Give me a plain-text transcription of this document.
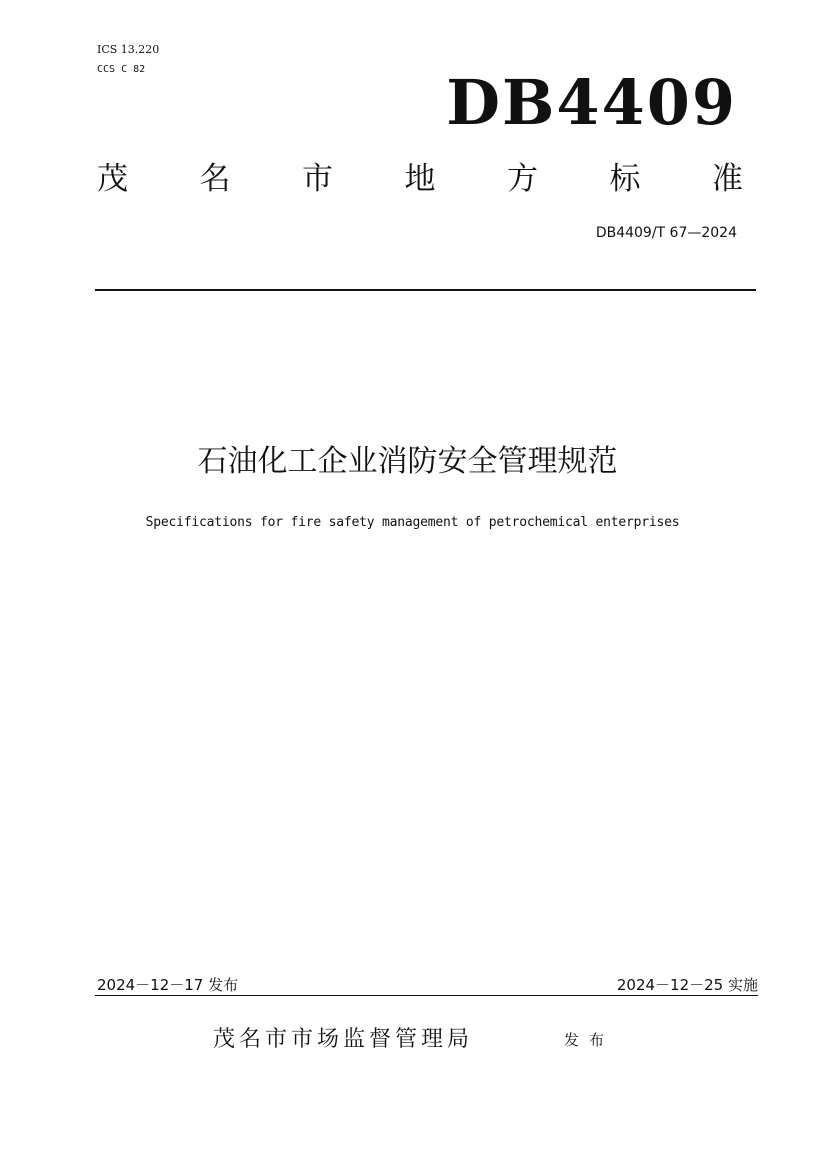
ICS 13.220
CCS C 82	DB4409
茂 名 市 地 方 标 准
DB4409/T 67—2024
石油化工企业消防安全管理规范
Specifications for fire safety management of petrochemical enterprises
2024－12－17 发布	2024－12－25 实施
茂名市市场监督管理局	发布
